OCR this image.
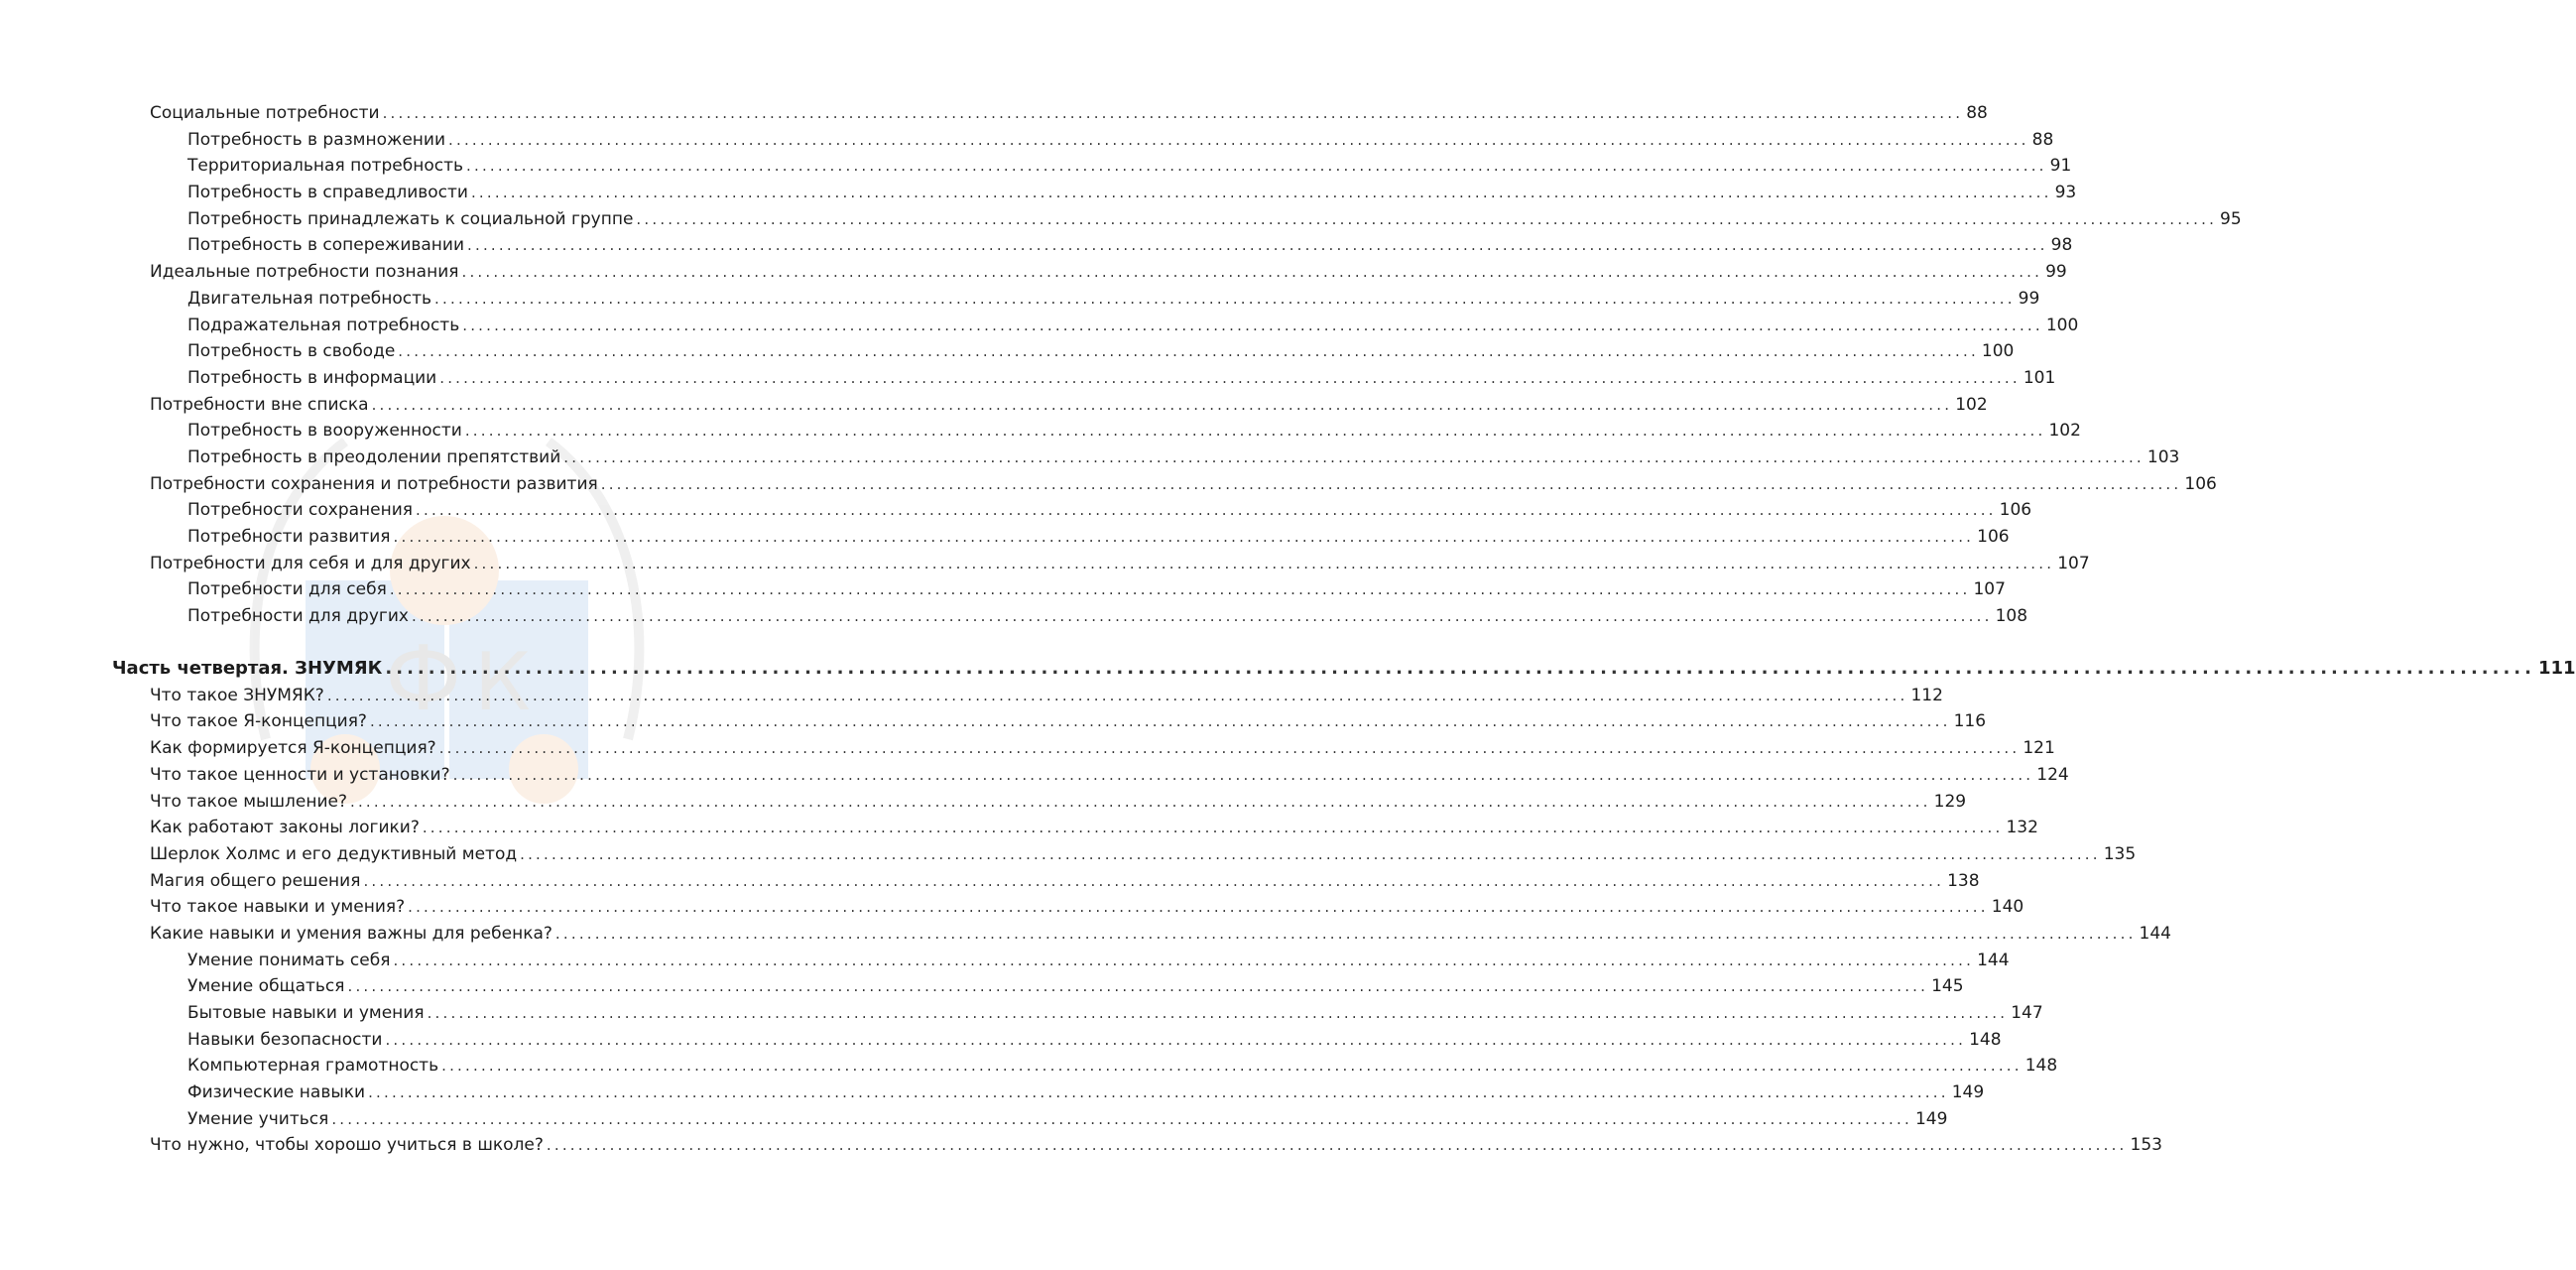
Ф К
Социальные потребности ........................................................................................................................................................................................................ 88
Потребность в размножении ........................................................................................................................................................................................................ 88
Территориальная потребность ........................................................................................................................................................................................................ 91
Потребность в справедливости ........................................................................................................................................................................................................ 93
Потребность принадлежать к социальной группе ........................................................................................................................................................................................................ 95
Потребность в сопереживании ........................................................................................................................................................................................................ 98
Идеальные потребности познания ........................................................................................................................................................................................................ 99
Двигательная потребность ........................................................................................................................................................................................................ 99
Подражательная потребность ........................................................................................................................................................................................................ 100
Потребность в свободе ........................................................................................................................................................................................................ 100
Потребность в информации ........................................................................................................................................................................................................ 101
Потребности вне списка ........................................................................................................................................................................................................ 102
Потребность в вооруженности ........................................................................................................................................................................................................ 102
Потребность в преодолении препятствий ........................................................................................................................................................................................................ 103
Потребности сохранения и потребности развития ........................................................................................................................................................................................................ 106
Потребности сохранения ........................................................................................................................................................................................................ 106
Потребности развития ........................................................................................................................................................................................................ 106
Потребности для себя и для других ........................................................................................................................................................................................................ 107
Потребности для себя ........................................................................................................................................................................................................ 107
Потребности для других ........................................................................................................................................................................................................ 108
Часть четвертая. ЗНУМЯК ........................................................................................................................................................................................................ 111
Что такое ЗНУМЯК? ........................................................................................................................................................................................................ 112
Что такое Я-концепция? ........................................................................................................................................................................................................ 116
Как формируется Я-концепция? ........................................................................................................................................................................................................ 121
Что такое ценности и установки? ........................................................................................................................................................................................................ 124
Что такое мышление? ........................................................................................................................................................................................................ 129
Как работают законы логики? ........................................................................................................................................................................................................ 132
Шерлок Холмс и его дедуктивный метод ........................................................................................................................................................................................................ 135
Магия общего решения ........................................................................................................................................................................................................ 138
Что такое навыки и умения? ........................................................................................................................................................................................................ 140
Какие навыки и умения важны для ребенка? ........................................................................................................................................................................................................ 144
Умение понимать себя ........................................................................................................................................................................................................ 144
Умение общаться ........................................................................................................................................................................................................ 145
Бытовые навыки и умения ........................................................................................................................................................................................................ 147
Навыки безопасности ........................................................................................................................................................................................................ 148
Компьютерная грамотность ........................................................................................................................................................................................................ 148
Физические навыки ........................................................................................................................................................................................................ 149
Умение учиться ........................................................................................................................................................................................................ 149
Что нужно, чтобы хорошо учиться в школе? ........................................................................................................................................................................................................ 153
